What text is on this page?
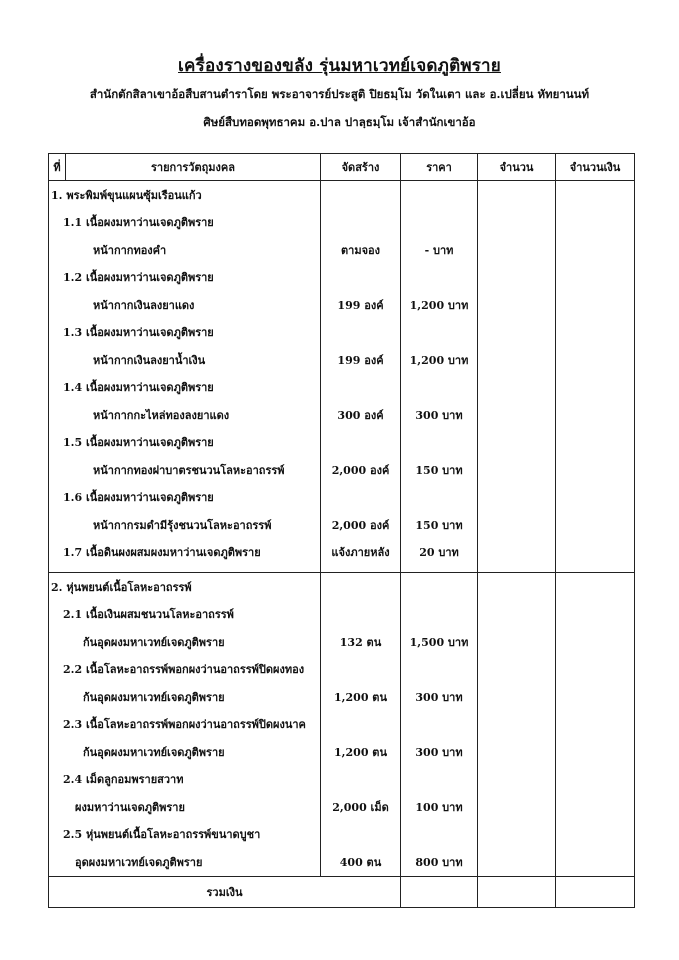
เครื่องรางของขลัง รุ่นมหาเวทย์เจดภูติพราย
สำนักตักสิลาเขาอ้อสืบสานตำราโดย พระอาจารย์ประสูติ ปิยธมฺโม วัดในเตา และ อ.เปลี่ยน หัทยานนท์
ศิษย์สืบทอดพุทธาคม อ.ปาล ปาลฺธมฺโม เจ้าสำนักเขาอ้อ
ที่	รายการวัตถุมงคล	จัดสร้าง	ราคา	จำนวน	จำนวนเงิน
1. พระพิมพ์ขุนแผนซุ้มเรือนแก้ว					
1.1 เนื้อผงมหาว่านเจดภูติพราย					
หน้ากากทองคำ		ตามจอง	- บาท		
1.2 เนื้อผงมหาว่านเจดภูติพราย					
หน้ากากเงินลงยาแดง		199 องค์	1,200 บาท		
1.3 เนื้อผงมหาว่านเจดภูติพราย					
หน้ากากเงินลงยาน้ำเงิน		199 องค์	1,200 บาท		
1.4 เนื้อผงมหาว่านเจดภูติพราย					
หน้ากากกะไหล่ทองลงยาแดง		300 องค์	300 บาท		
1.5 เนื้อผงมหาว่านเจดภูติพราย					
หน้ากากทองฝาบาตรชนวนโลหะอาถรรพ์		2,000 องค์	150 บาท		
1.6 เนื้อผงมหาว่านเจดภูติพราย					
หน้ากากรมดำมีรุ้งชนวนโลหะอาถรรพ์		2,000 องค์	150 บาท		
1.7 เนื้อดินผงผสมผงมหาว่านเจดภูติพราย		แจ้งภายหลัง	20 บาท		

2. หุ่นพยนต์เนื้อโลหะอาถรรพ์					
2.1 เนื้อเงินผสมชนวนโลหะอาถรรพ์					
ก้นอุดผงมหาเวทย์เจดภูติพราย		132 ตน	1,500 บาท		
2.2 เนื้อโลหะอาถรรพ์พอกผงว่านอาถรรพ์ปิดผงทอง					
ก้นอุดผงมหาเวทย์เจดภูติพราย		1,200 ตน	300 บาท		
2.3 เนื้อโลหะอาถรรพ์พอกผงว่านอาถรรพ์ปิดผงนาค					
ก้นอุดผงมหาเวทย์เจดภูติพราย		1,200 ตน	300 บาท		
2.4 เม็ดลูกอมพรายสวาท					
ผงมหาว่านเจดภูติพราย		2,000 เม็ด	100 บาท		
2.5 หุ่นพยนต์เนื้อโลหะอาถรรพ์ขนาดบูชา					
อุดผงมหาเวทย์เจดภูติพราย		400 ตน	800 บาท		
รวมเงิน					
